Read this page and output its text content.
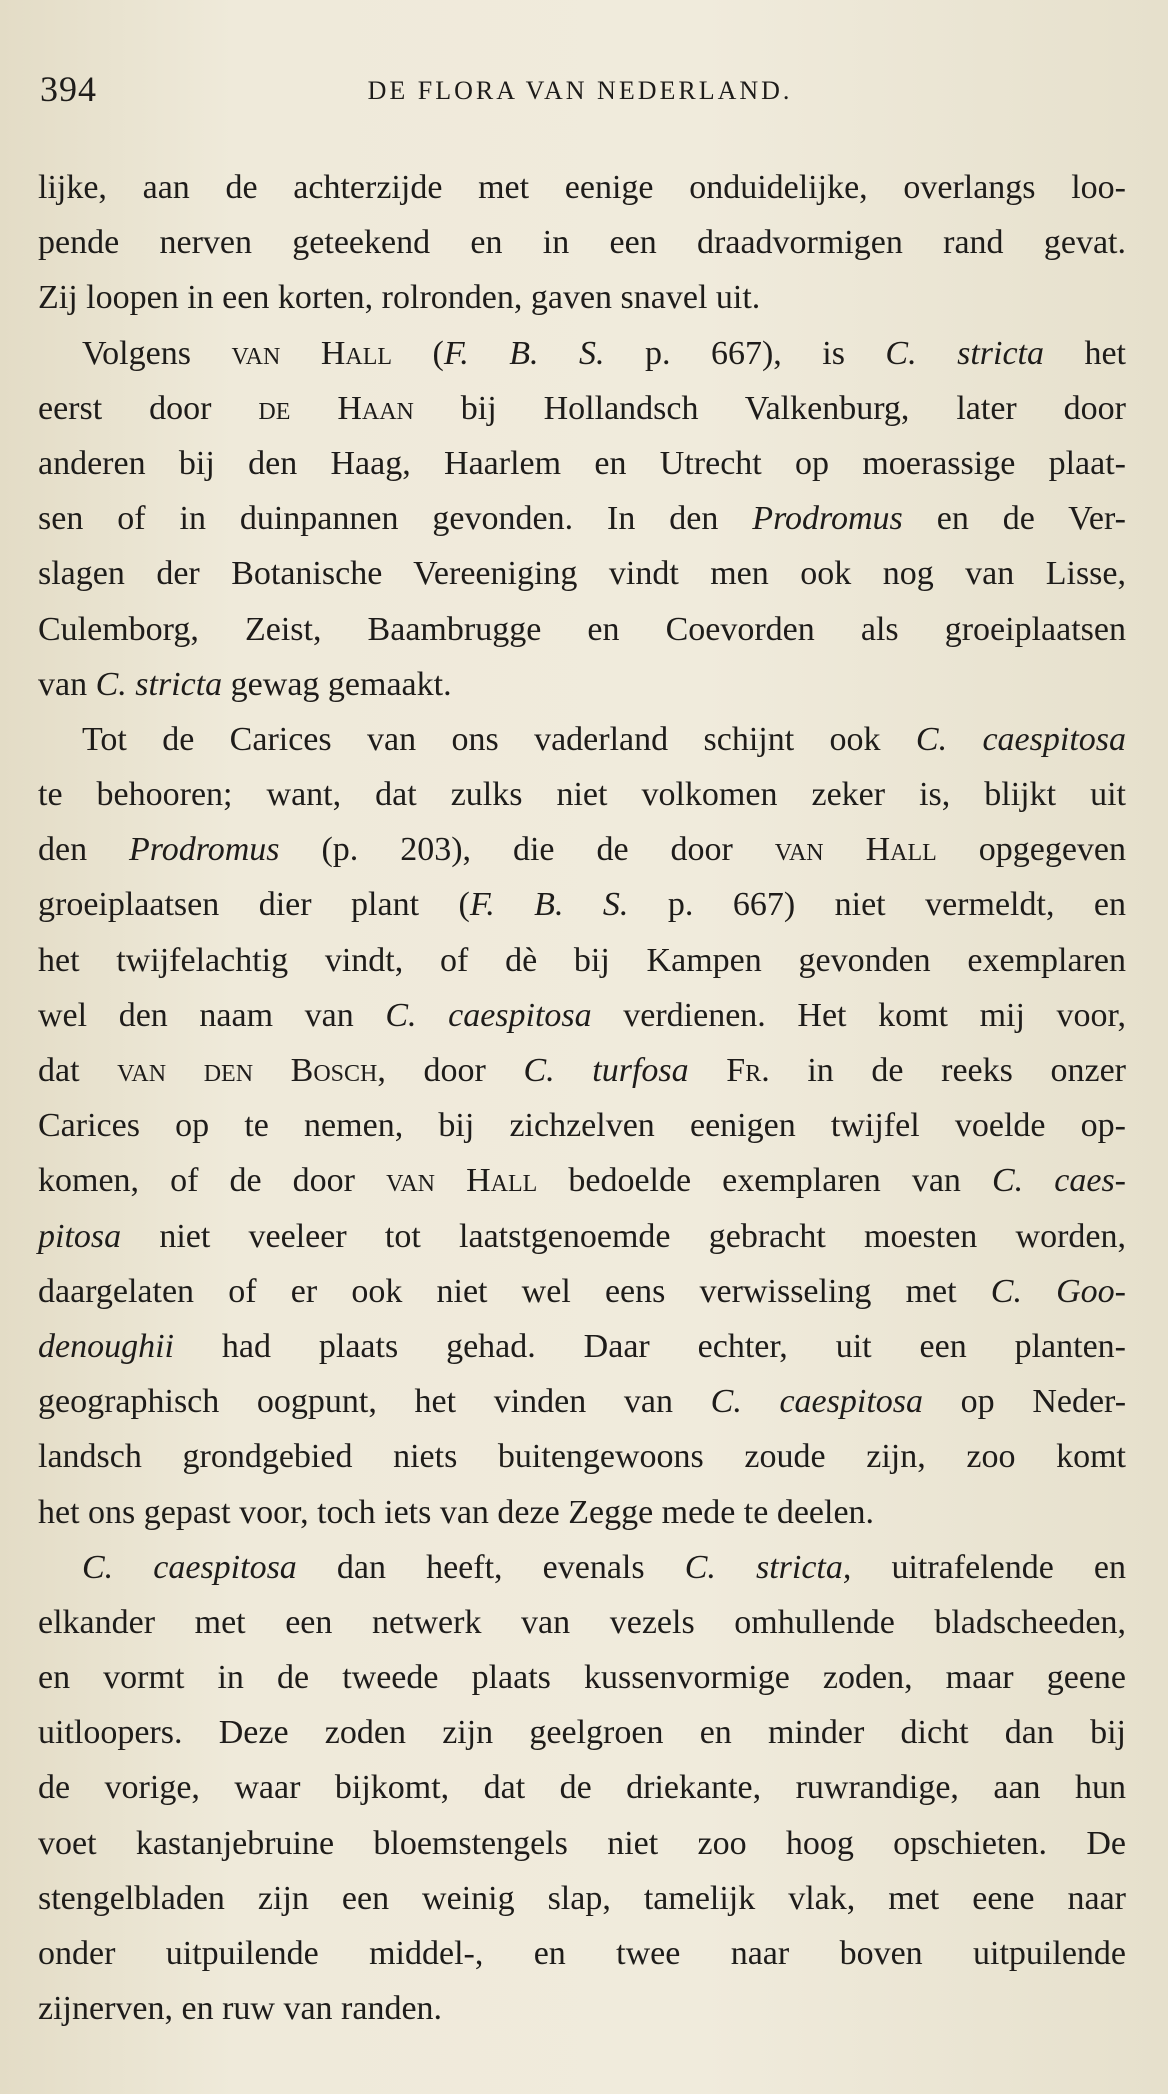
394	DE FLORA VAN NEDERLAND.
lijke, aan de achterzijde met eenige onduidelijke, overlangs loo-
pende nerven geteekend en in een draadvormigen rand gevat.
Zij loopen in een korten, rolronden, gaven snavel uit.
Volgens van Hall (F. B. S. p. 667), is C. stricta het
eerst door de Haan bij Hollandsch Valkenburg, later door
anderen bij den Haag, Haarlem en Utrecht op moerassige plaat-
sen of in duinpannen gevonden. In den Prodromus en de Ver-
slagen der Botanische Vereeniging vindt men ook nog van Lisse,
Culemborg, Zeist, Baambrugge en Coevorden als groeiplaatsen
van C. stricta gewag gemaakt.
Tot de Carices van ons vaderland schijnt ook C. caespitosa
te behooren; want, dat zulks niet volkomen zeker is, blijkt uit
den Prodromus (p. 203), die de door van Hall opgegeven
groeiplaatsen dier plant (F. B. S. p. 667) niet vermeldt, en
het twijfelachtig vindt, of dè bij Kampen gevonden exemplaren
wel den naam van C. caespitosa verdienen. Het komt mij voor,
dat van den Bosch, door C. turfosa Fr. in de reeks onzer
Carices op te nemen, bij zichzelven eenigen twijfel voelde op-
komen, of de door van Hall bedoelde exemplaren van C. caes-
pitosa niet veeleer tot laatstgenoemde gebracht moesten worden,
daargelaten of er ook niet wel eens verwisseling met C. Goo-
denoughii had plaats gehad. Daar echter, uit een planten-
geographisch oogpunt, het vinden van C. caespitosa op Neder-
landsch grondgebied niets buitengewoons zoude zijn, zoo komt
het ons gepast voor, toch iets van deze Zegge mede te deelen.
C. caespitosa dan heeft, evenals C. stricta, uitrafelende en
elkander met een netwerk van vezels omhullende bladscheeden,
en vormt in de tweede plaats kussenvormige zoden, maar geene
uitloopers. Deze zoden zijn geelgroen en minder dicht dan bij
de vorige, waar bijkomt, dat de driekante, ruwrandige, aan hun
voet kastanjebruine bloemstengels niet zoo hoog opschieten. De
stengelbladen zijn een weinig slap, tamelijk vlak, met eene naar
onder uitpuilende middel-, en twee naar boven uitpuilende
zijnerven, en ruw van randen.
